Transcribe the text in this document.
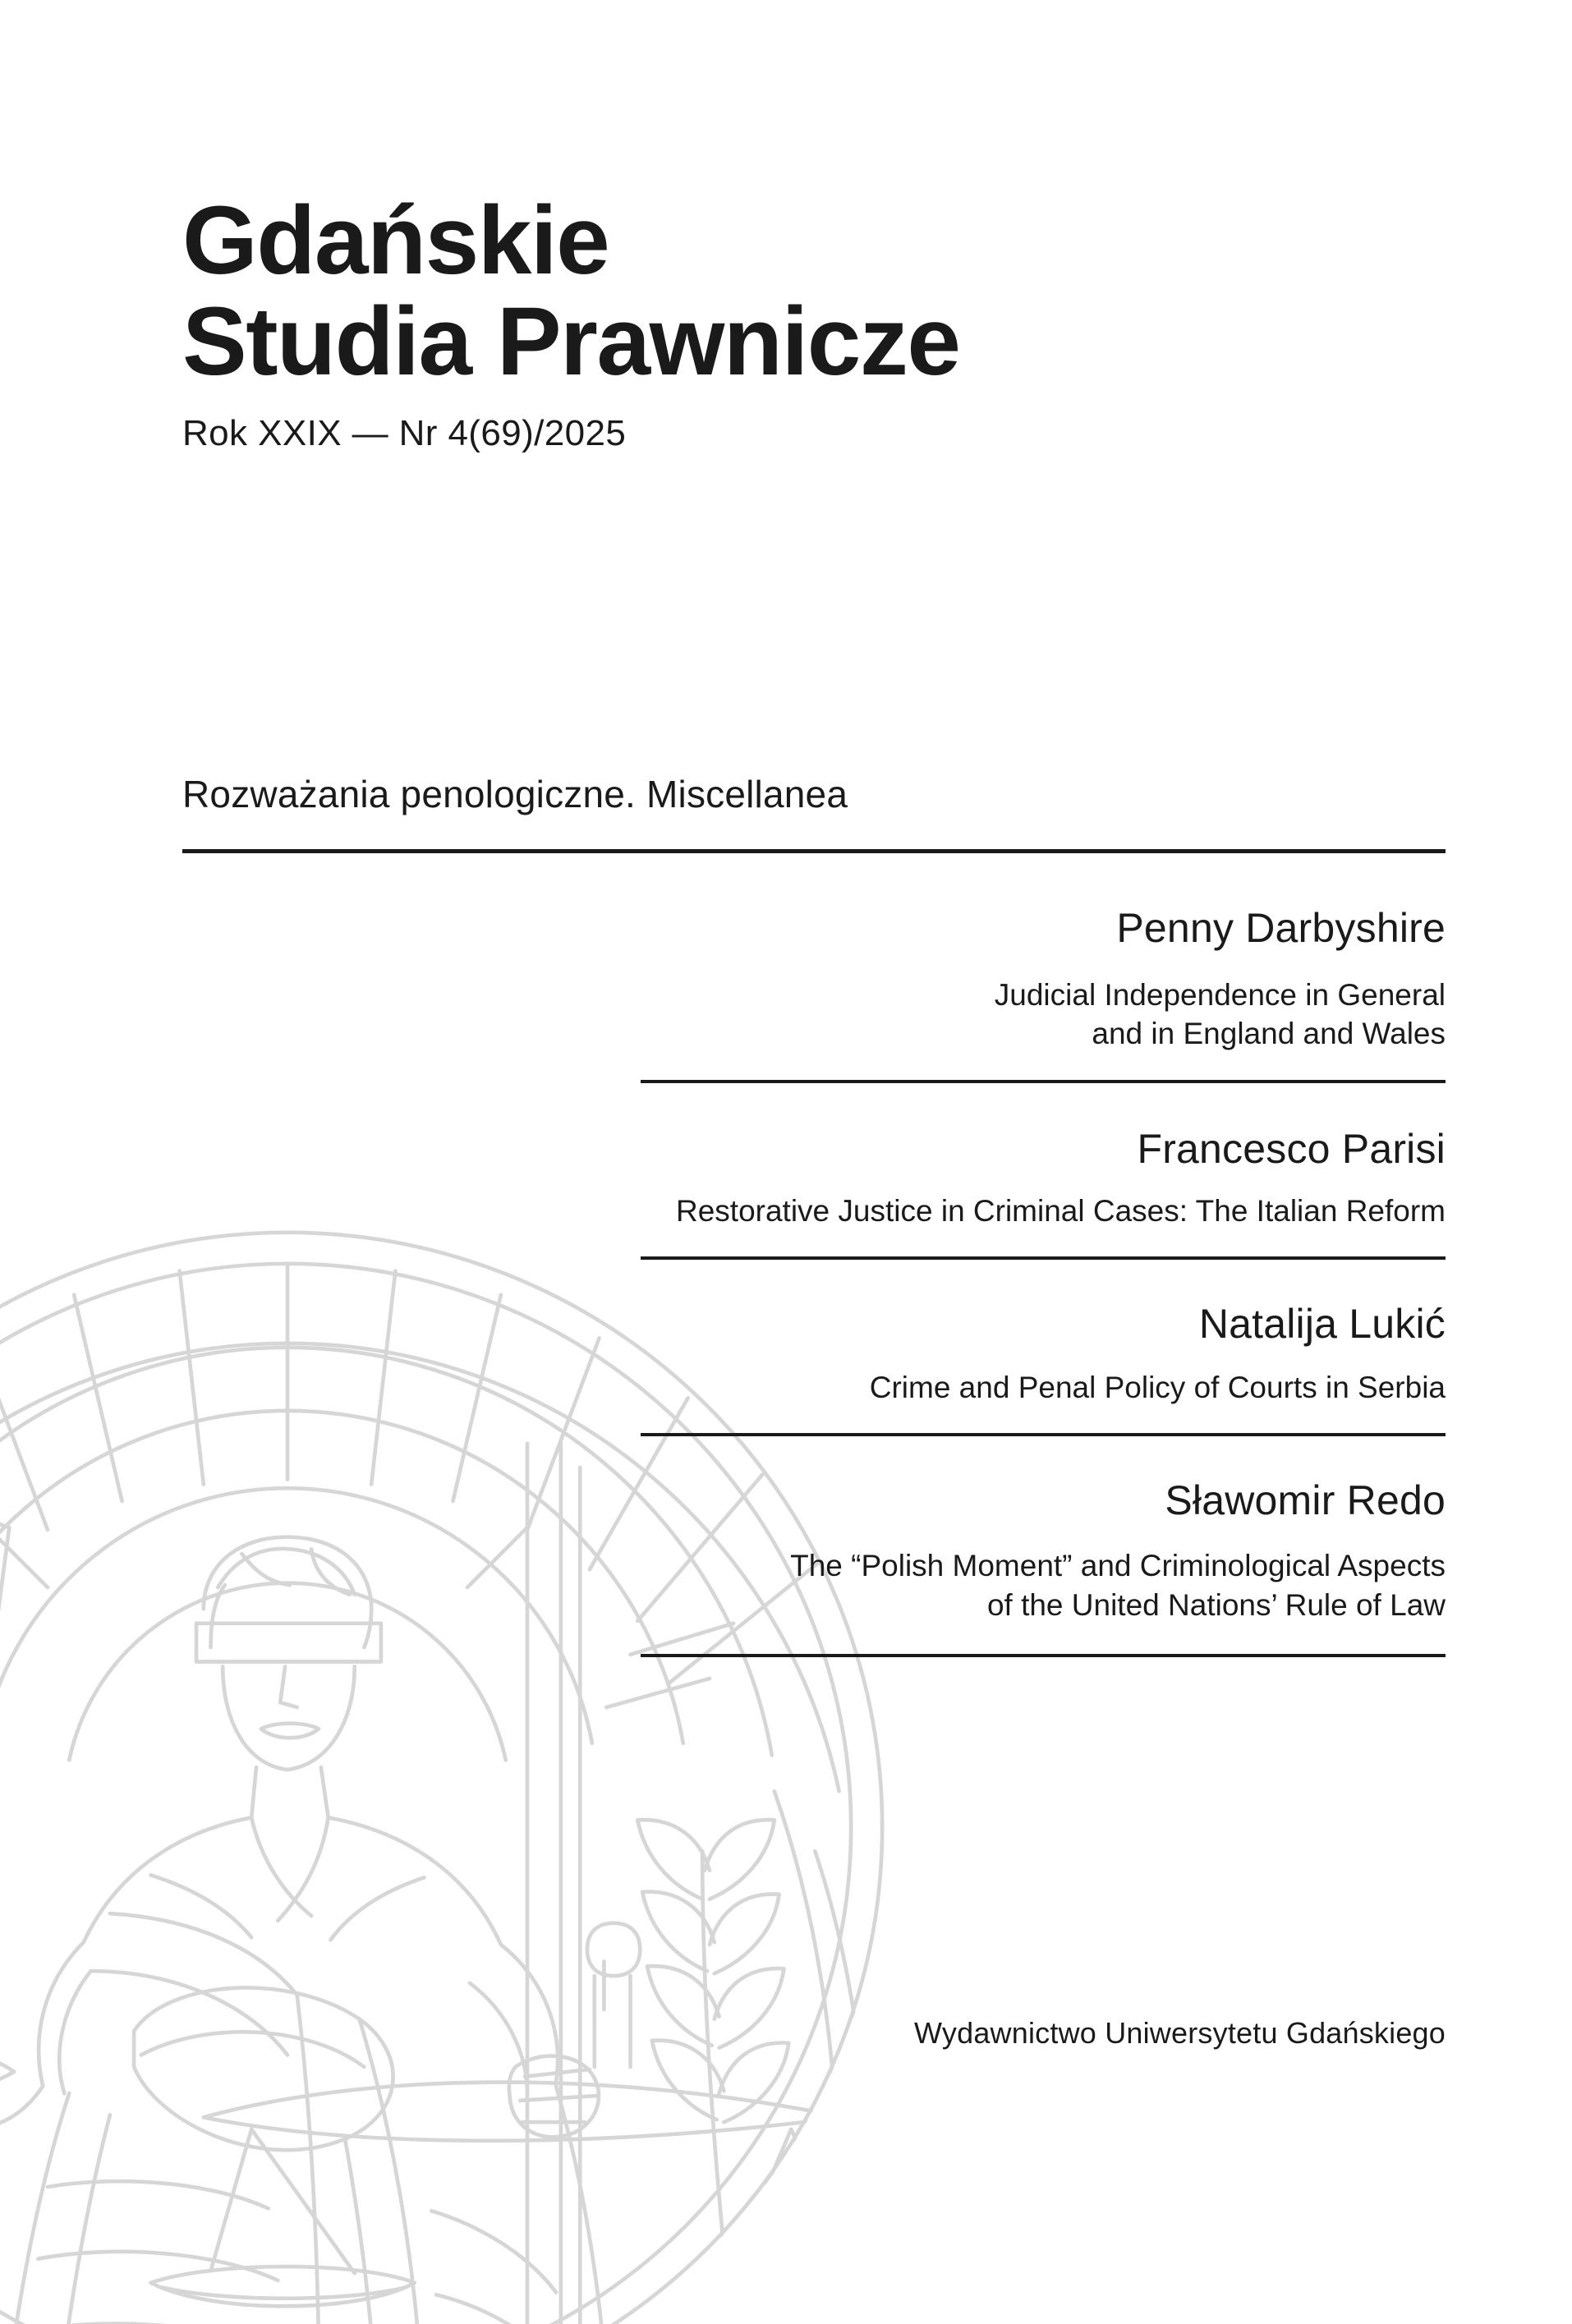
Gdańskie
Studia Prawnicze
Rok XXIX — Nr 4(69)/2025
Rozważania penologiczne. Miscellanea
Penny Darbyshire
Judicial Independence in General
and in England and Wales
Francesco Parisi
Restorative Justice in Criminal Cases: The Italian Reform
Natalija Lukić
Crime and Penal Policy of Courts in Serbia
Sławomir Redo
The “Polish Moment” and Criminological Aspects
of the United Nations’ Rule of Law
Wydawnictwo Uniwersytetu Gdańskiego
